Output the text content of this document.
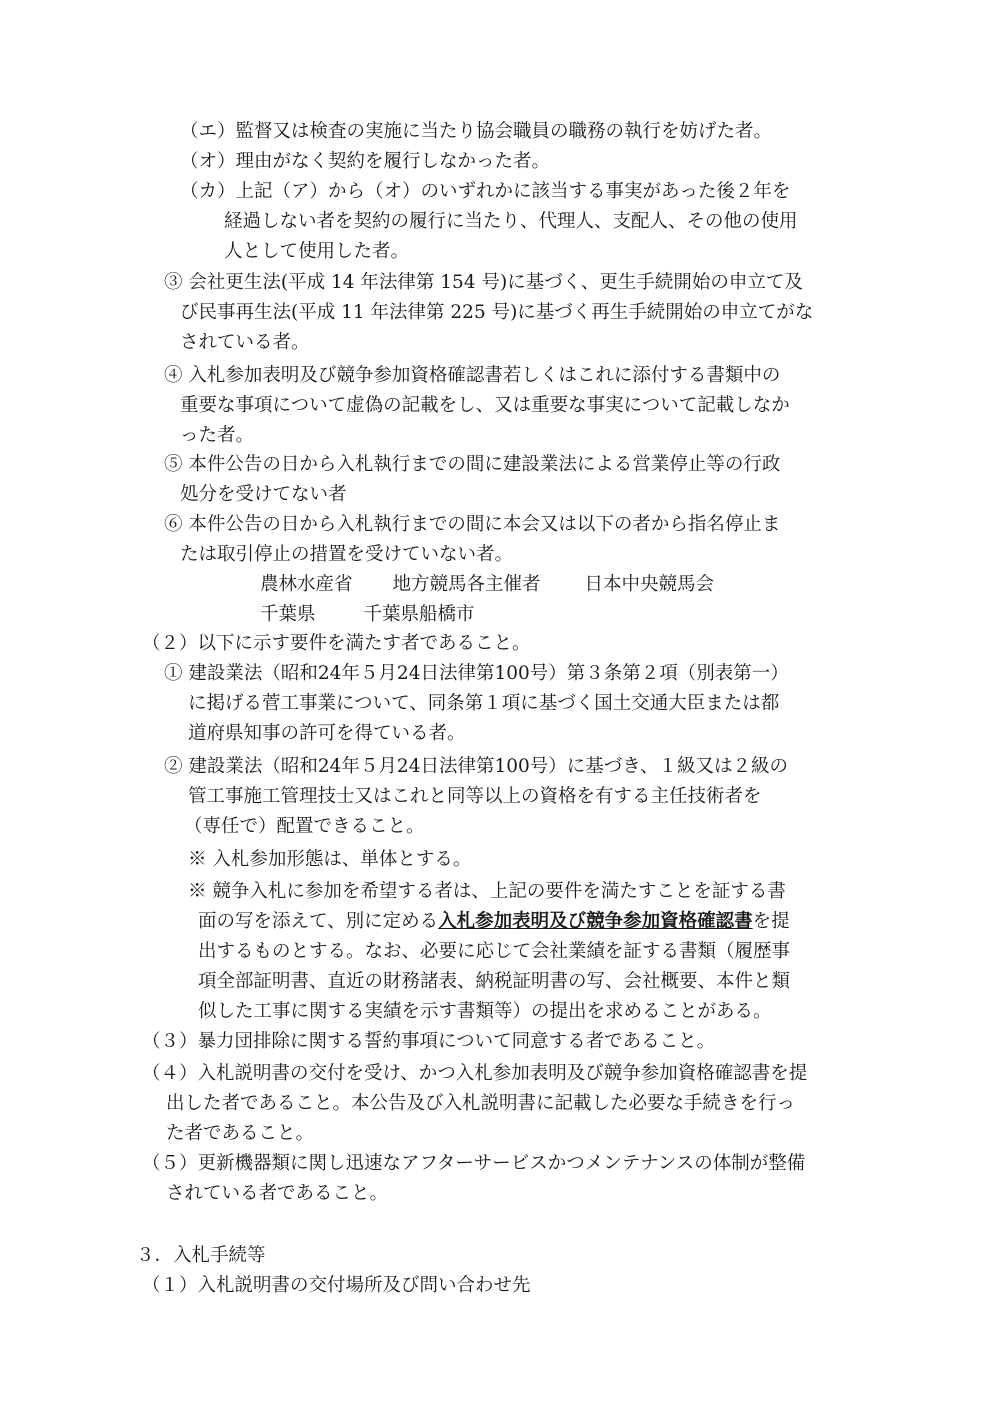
（エ）監督又は検査の実施に当たり協会職員の職務の執行を妨げた者。
（オ）理由がなく契約を履行しなかった者。
（カ）上記（ア）から（オ）のいずれかに該当する事実があった後２年を
経過しない者を契約の履行に当たり、代理人、支配人、その他の使用
人として使用した者。
③ 会社更生法(平成 14 年法律第 154 号)に基づく、更生手続開始の申立て及
び民事再生法(平成 11 年法律第 225 号)に基づく再生手続開始の申立てがな
されている者。
④ 入札参加表明及び競争参加資格確認書若しくはこれに添付する書類中の
重要な事項について虚偽の記載をし、又は重要な事実について記載しなか
った者。
⑤ 本件公告の日から入札執行までの間に建設業法による営業停止等の行政
処分を受けてない者
⑥ 本件公告の日から入札執行までの間に本会又は以下の者から指名停止ま
たは取引停止の措置を受けていない者。
農林水産省 地方競馬各主催者 日本中央競馬会
千葉県	千葉県船橋市
（２）以下に示す要件を満たす者であること。
① 建設業法（昭和24年５月24日法律第100号）第３条第２項（別表第一）
に掲げる菅工事業について、同条第１項に基づく国土交通大臣または都
道府県知事の許可を得ている者。
② 建設業法（昭和24年５月24日法律第100号）に基づき、１級又は２級の
管工事施工管理技士又はこれと同等以上の資格を有する主任技術者を
（専任で）配置できること。
※ 入札参加形態は、単体とする。
※ 競争入札に参加を希望する者は、上記の要件を満たすことを証する書
面の写を添えて、別に定める入札参加表明及び競争参加資格確認書を提
出するものとする。なお、必要に応じて会社業績を証する書類（履歴事
項全部証明書、直近の財務諸表、納税証明書の写、会社概要、本件と類
似した工事に関する実績を示す書類等）の提出を求めることがある。
（３）暴力団排除に関する誓約事項について同意する者であること。
（４）入札説明書の交付を受け、かつ入札参加表明及び競争参加資格確認書を提
出した者であること。本公告及び入札説明書に記載した必要な手続きを行っ
た者であること。
（５）更新機器類に関し迅速なアフターサービスかつメンテナンスの体制が整備
されている者であること。
３．入札手続等
（１）入札説明書の交付場所及び問い合わせ先
